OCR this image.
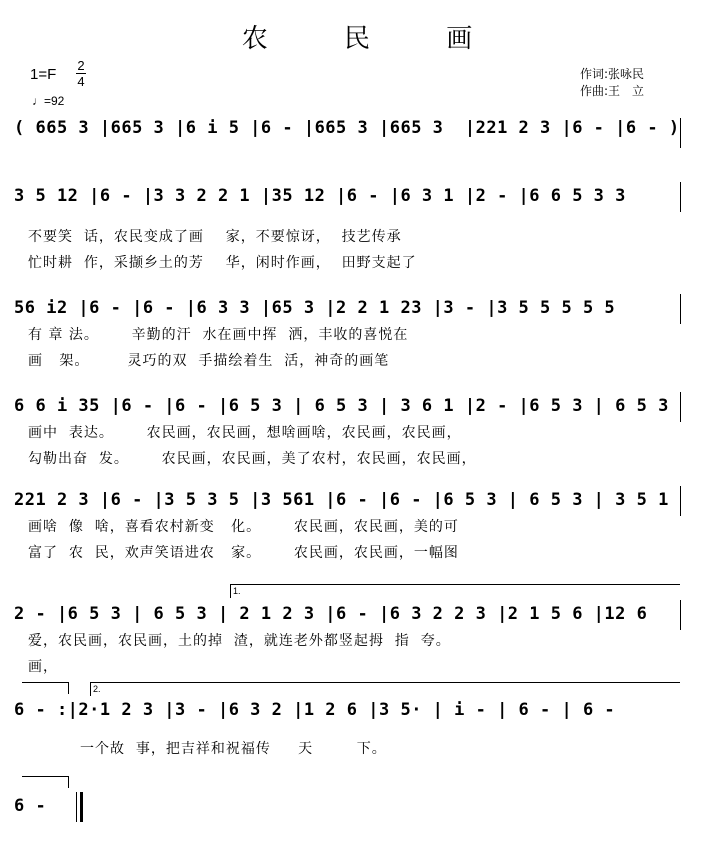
农 民 画
1=F
2
4
♩=92
作词:张咏民
作曲:王　立
( 665 3 |665 3 |6 i 5 |6 - |665 3 |665 3  |221 2 3 |6 - |6 - )
3 5 12 |6 - |3 3 2 2 1 |35 12 |6 - |6 3 1 |2 - |6 6 5 3 3
不要笑  话，农民变成了画    家，不要惊讶，  技艺传承
忙时耕  作，采撷乡土的芳    华，闲时作画，  田野支起了
56 i2 |6 - |6 - |6 3 3 |65 3 |2 2 1 23 |3 - |3 5 5 5 5 5
有 章 法。      辛勤的汗  水在画中挥  洒，丰收的喜悦在
画   架。       灵巧的双  手描绘着生  活，神奇的画笔
6 6 i 35 |6 - |6 - |6 5 3 | 6 5 3 | 3 6 1 |2 - |6 5 3 | 6 5 3
画中  表达。      农民画，农民画，想啥画啥，农民画，农民画，
勾勒出奋  发。      农民画，农民画，美了农村，农民画，农民画，
221 2 3 |6 - |3 5 3 5 |3 561 |6 - |6 - |6 5 3 | 6 5 3 | 3 5 1
画啥  像  啥，喜看农村新变   化。      农民画，农民画，美的可
富了  农  民，欢声笑语进农   家。      农民画，农民画，一幅图
1.
2 - |6 5 3 | 6 5 3 | 2 1 2 3 |6 - |6 3 2 2 3 |2 1 5 6 |12 6
爱，农民画，农民画，土的掉  渣，就连老外都竖起拇  指  夸。
画，
2.
6 - :|2·1 2 3 |3 - |6 3 2 |1 2 6 |3 5· | i - | 6 - | 6 -
一个故  事，把吉祥和祝福传     天        下。
6 -
